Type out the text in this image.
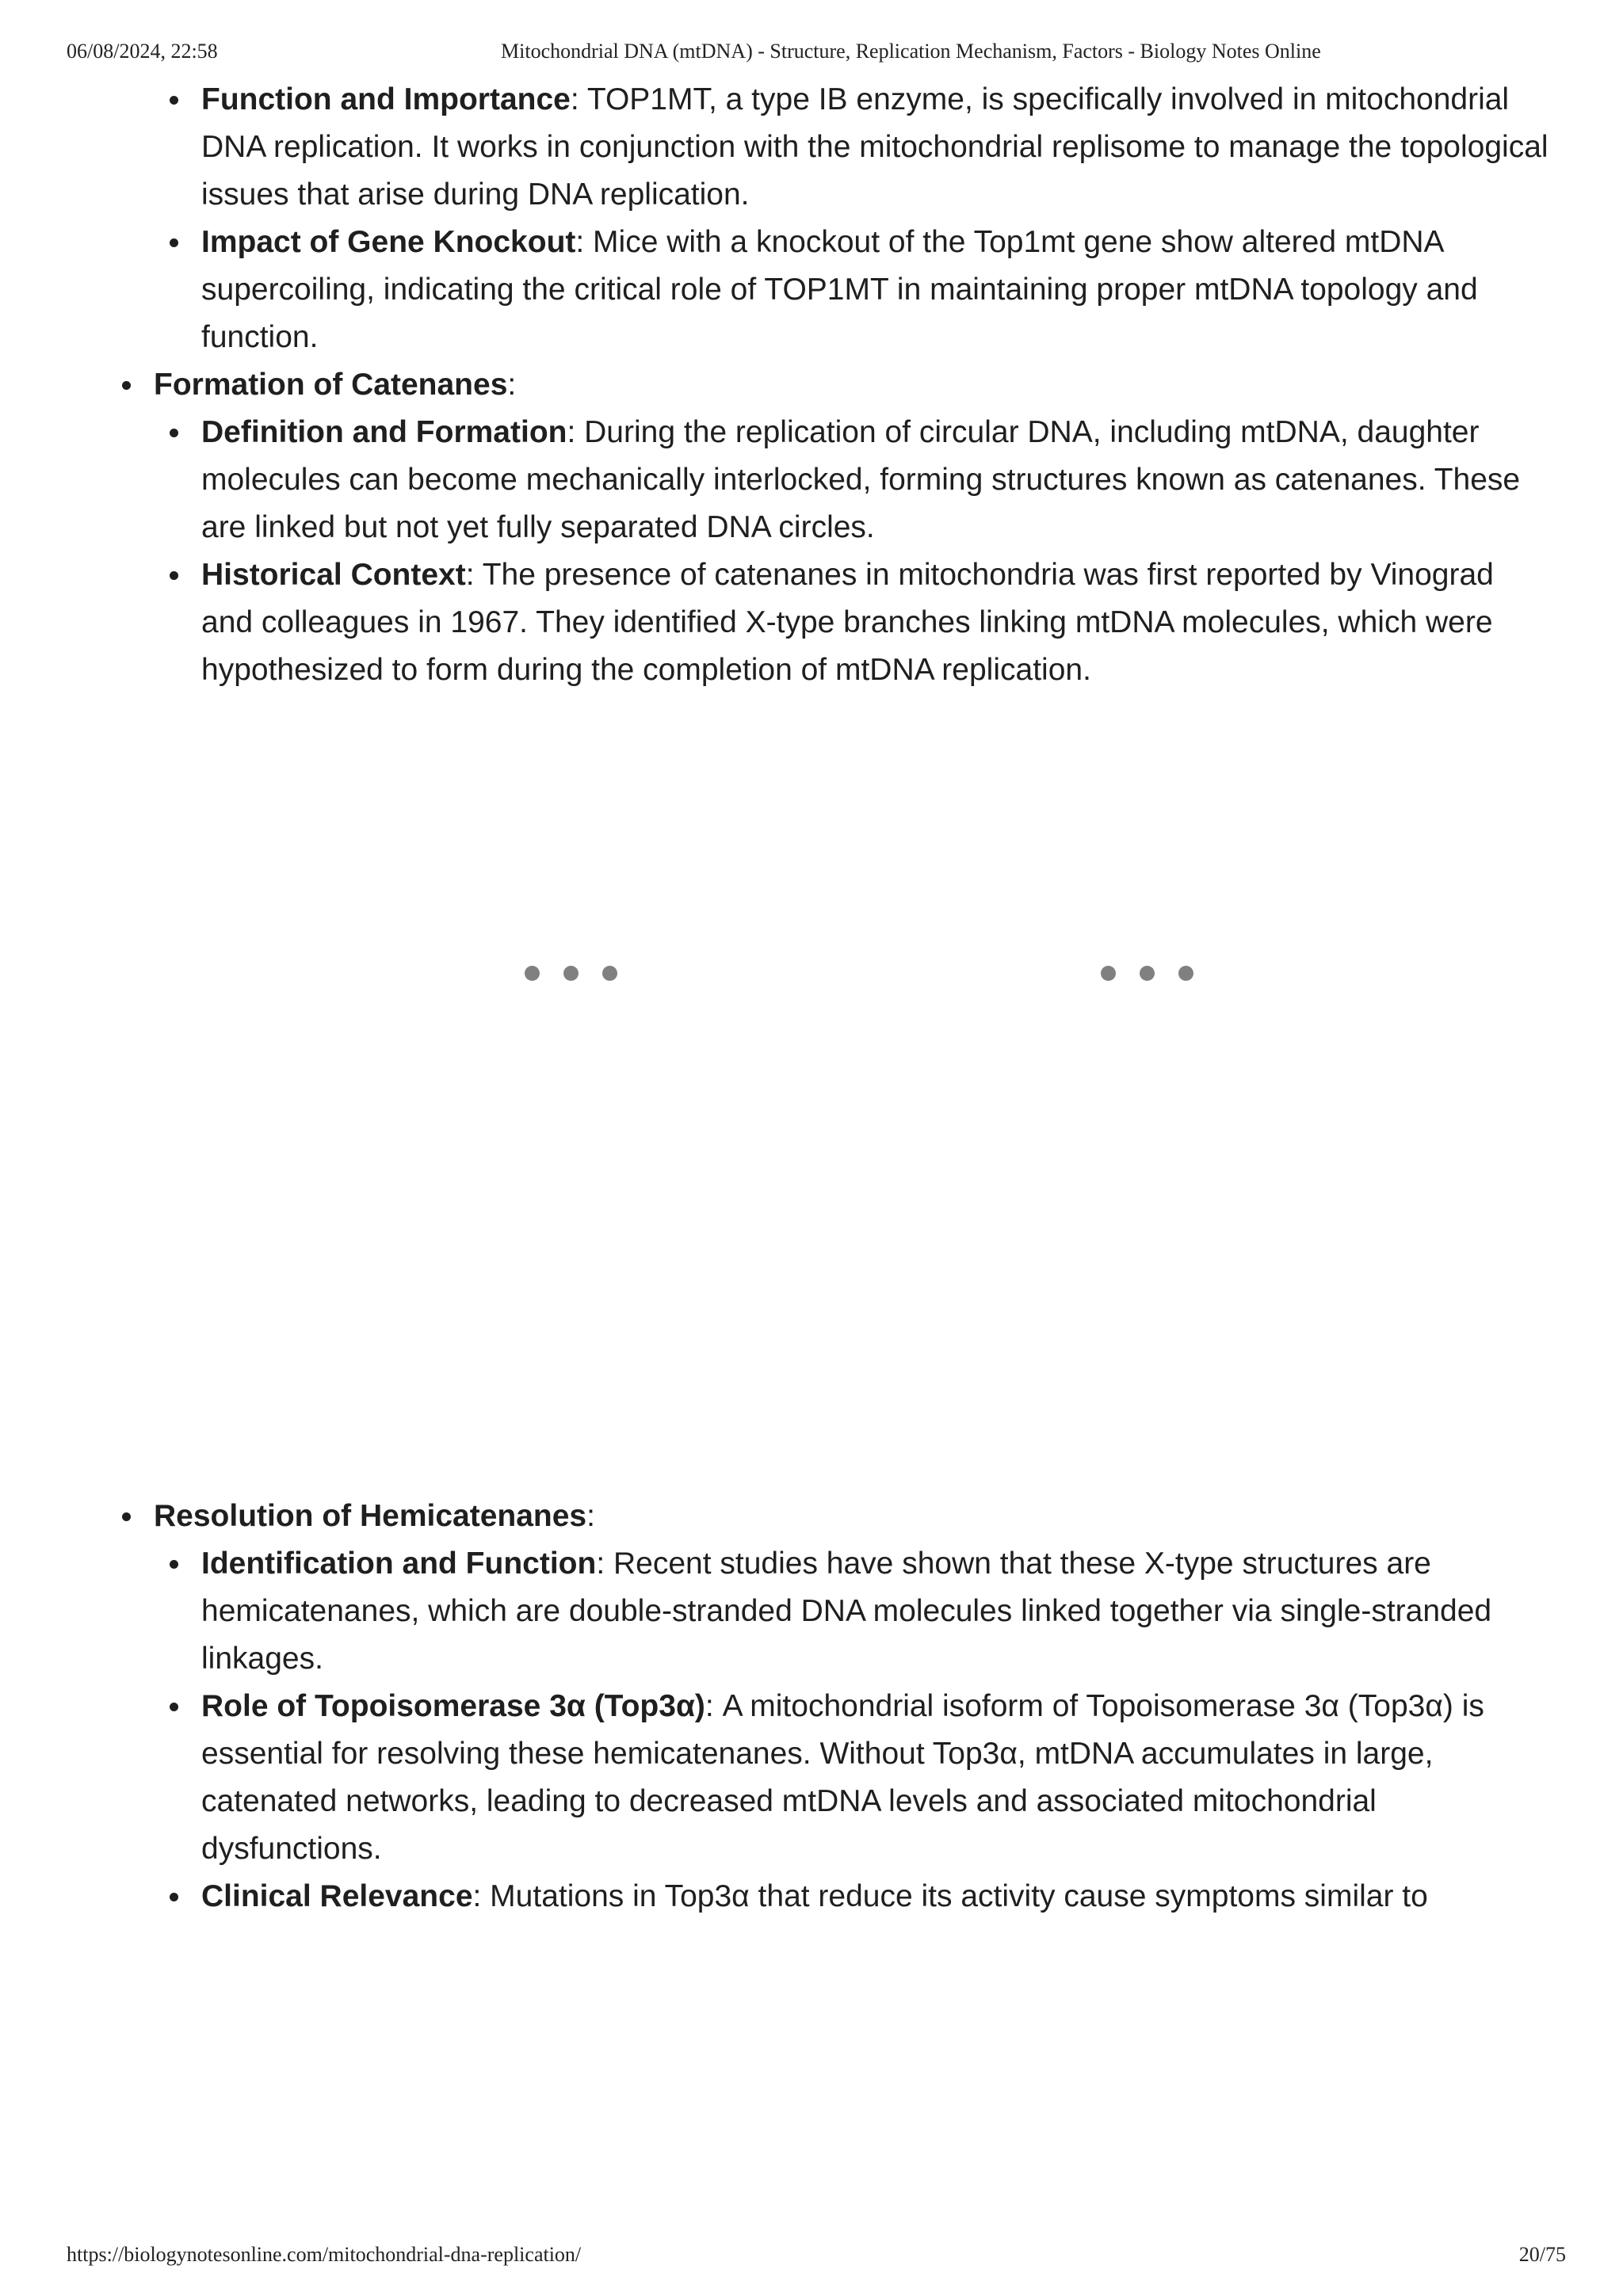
06/08/2024, 22:58	Mitochondrial DNA (mtDNA) - Structure, Replication Mechanism, Factors - Biology Notes Online
Function and Importance: TOP1MT, a type IB enzyme, is specifically involved in mitochondrial DNA replication. It works in conjunction with the mitochondrial replisome to manage the topological issues that arise during DNA replication.
Impact of Gene Knockout: Mice with a knockout of the Top1mt gene show altered mtDNA supercoiling, indicating the critical role of TOP1MT in maintaining proper mtDNA topology and function.
Formation of Catenanes:
Definition and Formation: During the replication of circular DNA, including mtDNA, daughter molecules can become mechanically interlocked, forming structures known as catenanes. These are linked but not yet fully separated DNA circles.
Historical Context: The presence of catenanes in mitochondria was first reported by Vinograd and colleagues in 1967. They identified X-type branches linking mtDNA molecules, which were hypothesized to form during the completion of mtDNA replication.
Resolution of Hemicatenanes:
Identification and Function: Recent studies have shown that these X-type structures are hemicatenanes, which are double-stranded DNA molecules linked together via single-stranded linkages.
Role of Topoisomerase 3α (Top3α): A mitochondrial isoform of Topoisomerase 3α (Top3α) is essential for resolving these hemicatenanes. Without Top3α, mtDNA accumulates in large, catenated networks, leading to decreased mtDNA levels and associated mitochondrial dysfunctions.
Clinical Relevance: Mutations in Top3α that reduce its activity cause symptoms similar to
https://biologynotesonline.com/mitochondrial-dna-replication/	20/75
